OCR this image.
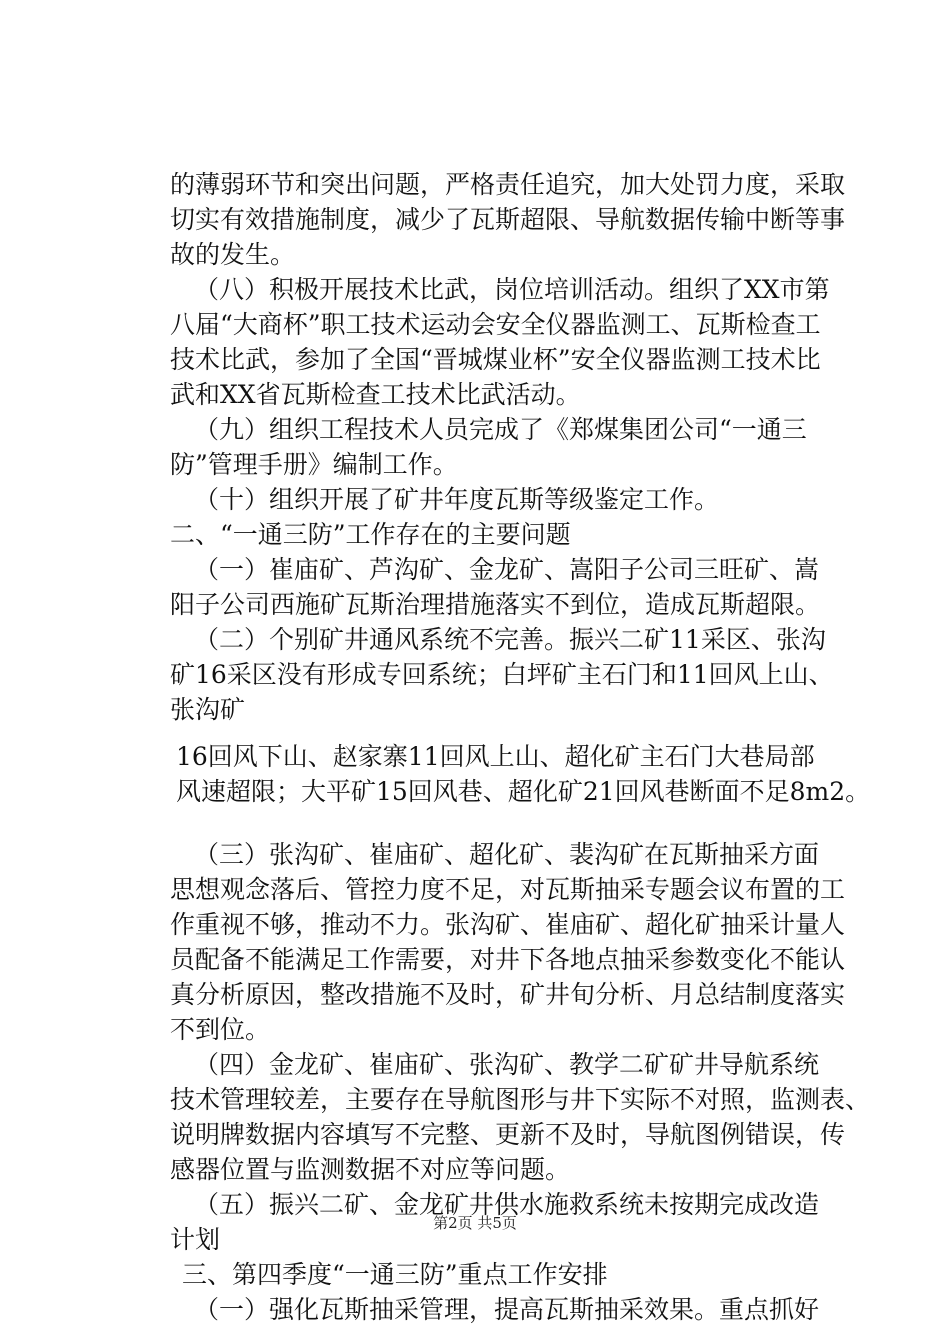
的薄弱环节和突出问题，严格责任追究，加大处罚力度，采取
切实有效措施制度，减少了瓦斯超限、导航数据传输中断等事
故的发生。
（八）积极开展技术比武，岗位培训活动。组织了XX市第
八届“大商杯”职工技术运动会安全仪器监测工、瓦斯检查工
技术比武，参加了全国“晋城煤业杯”安全仪器监测工技术比
武和XX省瓦斯检查工技术比武活动。
（九）组织工程技术人员完成了《郑煤集团公司“一通三
防”管理手册》编制工作。
（十）组织开展了矿井年度瓦斯等级鉴定工作。
二、“一通三防”工作存在的主要问题
（一）崔庙矿、芦沟矿、金龙矿、嵩阳子公司三旺矿、嵩
阳子公司西施矿瓦斯治理措施落实不到位，造成瓦斯超限。
（二）个别矿井通风系统不完善。振兴二矿11采区、张沟
矿16采区没有形成专回系统；白坪矿主石门和11回风上山、
张沟矿
16回风下山、赵家寨11回风上山、超化矿主石门大巷局部
风速超限；大平矿15回风巷、超化矿21回风巷断面不足8m2。
（三）张沟矿、崔庙矿、超化矿、裴沟矿在瓦斯抽采方面
思想观念落后、管控力度不足，对瓦斯抽采专题会议布置的工
作重视不够，推动不力。张沟矿、崔庙矿、超化矿抽采计量人
员配备不能满足工作需要，对井下各地点抽采参数变化不能认
真分析原因，整改措施不及时，矿井旬分析、月总结制度落实
不到位。
（四）金龙矿、崔庙矿、张沟矿、教学二矿矿井导航系统
技术管理较差，主要存在导航图形与井下实际不对照，监测表、
说明牌数据内容填写不完整、更新不及时，导航图例错误，传
感器位置与监测数据不对应等问题。
（五）振兴二矿、金龙矿井供水施救系统未按期完成改造
计划
三、第四季度“一通三防”重点工作安排
（一）强化瓦斯抽采管理，提高瓦斯抽采效果。重点抓好
第2页 共5页
